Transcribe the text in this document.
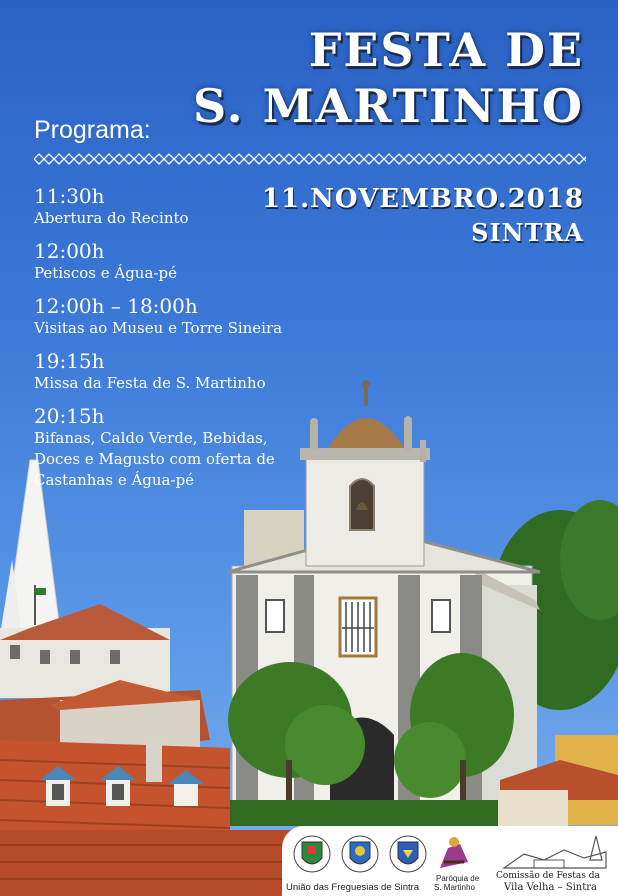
FESTA DE
S. MARTINHO
Programa:
11.NOVEMBRO.2018
SINTRA
11:30h
Abertura do Recinto
12:00h
Petiscos e Água-pé
12:00h – 18:00h
Visitas ao Museu e Torre Sineira
19:15h
Missa da Festa de S. Martinho
20:15h
Bifanas, Caldo Verde, Bebidas,
Doces e Magusto com oferta de
Castanhas e Água-pé
União das Freguesias de Sintra
Paróquia de
S. Martinho
Comissão de Festas da
Vila Velha – Sintra
